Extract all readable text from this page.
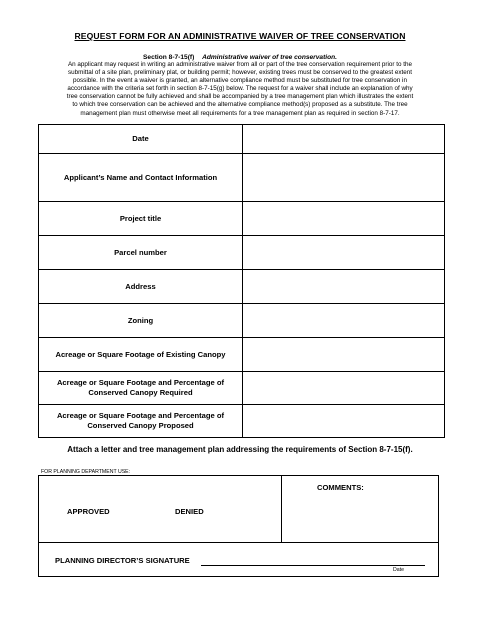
REQUEST FORM FOR AN ADMINISTRATIVE WAIVER OF TREE CONSERVATION
Section 8-7-15(f) Administrative waiver of tree conservation.
An applicant may request in writing an administrative waiver from all or part of the tree conservation requirement prior to the
submittal of a site plan, preliminary plat, or building permit; however, existing trees must be conserved to the greatest extent
possible. In the event a waiver is granted, an alternative compliance method must be substituted for tree conservation in
accordance with the criteria set forth in section 8-7-15(g) below. The request for a waiver shall include an explanation of why
tree conservation cannot be fully achieved and shall be accompanied by a tree management plan which illustrates the extent
to which tree conservation can be achieved and the alternative compliance method(s) proposed as a substitute. The tree
management plan must otherwise meet all requirements for a tree management plan as required in section 8-7-17.
Date	
Applicant’s Name and Contact Information	
Project title	
Parcel number	
Address	
Zoning	
Acreage or Square Footage of Existing Canopy	
Acreage or Square Footage and Percentage of
Conserved Canopy Required	
Acreage or Square Footage and Percentage of
Conserved Canopy Proposed	
Attach a letter and tree management plan addressing the requirements of Section 8-7-15(f).
FOR PLANNING DEPARTMENT USE:
COMMENTS:
APPROVED	DENIED
PLANNING DIRECTOR’S SIGNATURE
Date
